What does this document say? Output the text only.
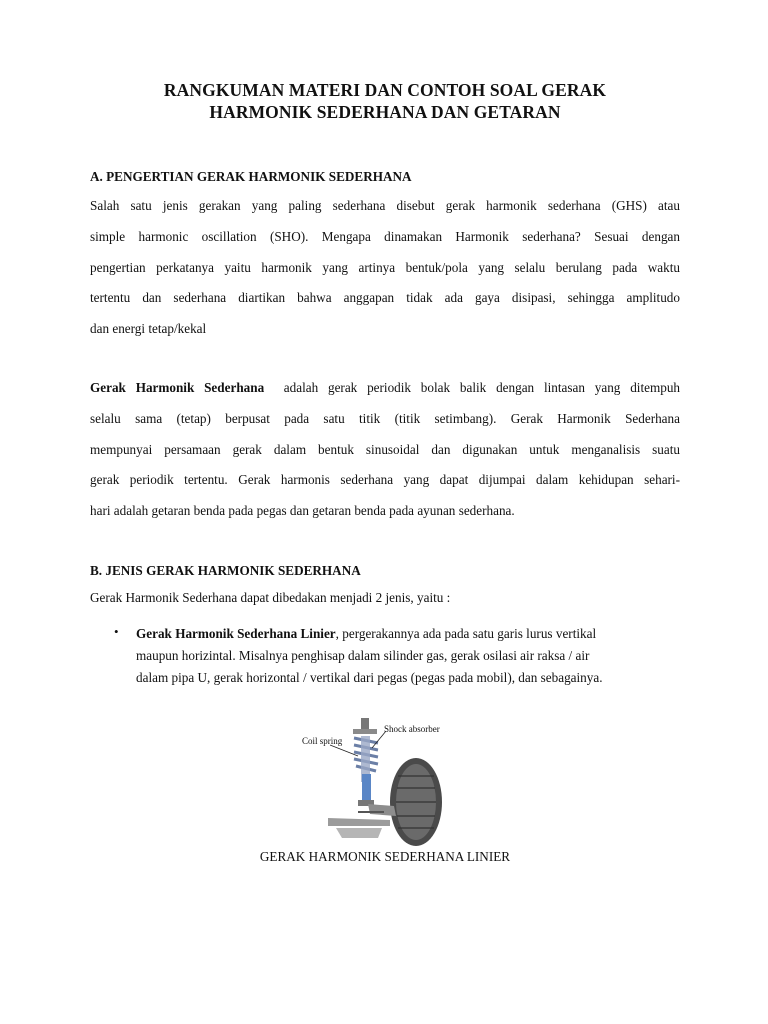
RANGKUMAN MATERI DAN CONTOH SOAL GERAK
HARMONIK SEDERHANA DAN GETARAN
A. PENGERTIAN GERAK HARMONIK SEDERHANA
Salah satu jenis gerakan yang paling sederhana disebut gerak harmonik sederhana (GHS) atau
simple harmonic oscillation (SHO). Mengapa dinamakan Harmonik sederhana? Sesuai dengan
pengertian perkatanya yaitu harmonik yang artinya bentuk/pola yang selalu berulang pada waktu
tertentu dan sederhana diartikan bahwa anggapan tidak ada gaya disipasi, sehingga amplitudo
dan energi tetap/kekal
Gerak Harmonik Sederhana adalah gerak periodik bolak balik dengan lintasan yang ditempuh
selalu sama (tetap) berpusat pada satu titik (titik setimbang). Gerak Harmonik Sederhana
mempunyai persamaan gerak dalam bentuk sinusoidal dan digunakan untuk menganalisis suatu
gerak periodik tertentu. Gerak harmonis sederhana yang dapat dijumpai dalam kehidupan sehari-
hari adalah getaran benda pada pegas dan getaran benda pada ayunan sederhana.
B. JENIS GERAK HARMONIK SEDERHANA
Gerak Harmonik Sederhana dapat dibedakan menjadi 2 jenis, yaitu :
• Gerak Harmonik Sederhana Linier, pergerakannya ada pada satu garis lurus vertikal
maupun horizintal. Misalnya penghisap dalam silinder gas, gerak osilasi air raksa / air
dalam pipa U, gerak horizontal / vertikal dari pegas (pegas pada mobil), dan sebagainya.
Coil spring
Shock absorber
GERAK HARMONIK SEDERHANA LINIER
